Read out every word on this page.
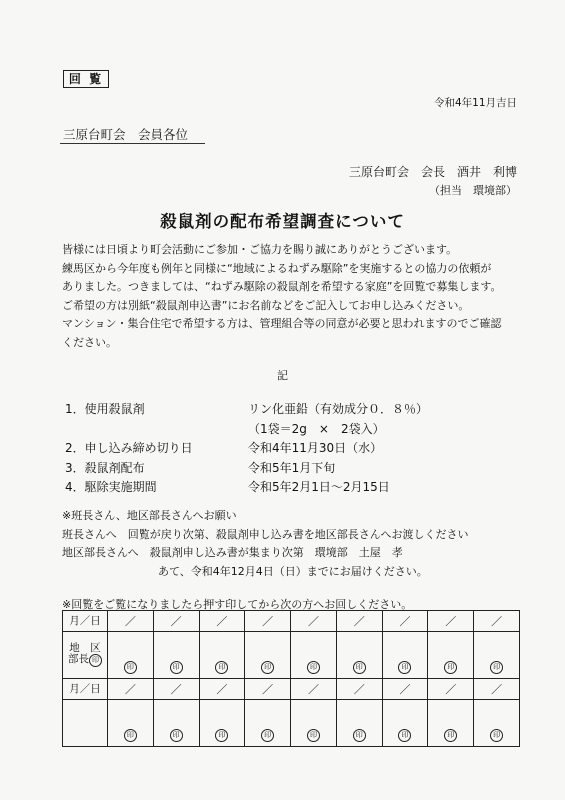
回 覧
令和4年11月吉日
三原台町会　会員各位
三原台町会　会長　酒井　利博
（担当　環境部）
殺鼠剤の配布希望調査について

皆様には日頃より町会活動にご参加・ご協力を賜り誠にありがとうございます。

練馬区から今年度も例年と同様に“地域によるねずみ駆除”を実施するとの協力の依頼が

ありました。つきましては、“ねずみ駆除の殺鼠剤を希望する家庭”を回覧で募集します。

ご希望の方は別紙“殺鼠剤申込書”にお名前などをご記入してお申し込みください。

マンション・集合住宅で希望する方は、管理組合等の同意が必要と思われますのでご確認

ください。

記
1．使用殺鼠剤	リン化亜鉛（有効成分０．８％）
（1袋＝2g　×　2袋入）
2．申し込み締め切り日	令和4年11月30日（水）
3．殺鼠剤配布	令和5年1月下旬
4．駆除実施期間	令和5年2月1日～2月15日

※班長さん、地区部長さんへお願い

班長さんへ　回覧が戻り次第、殺鼠剤申し込み書を地区部長さんへお渡しください

地区部長さんへ　殺鼠剤申し込み書が集まり次第　環境部　土屋　孝

あて、令和4年12月4日（日）までにお届けください。

※回覧をご覧になりましたら押す印してから次の方へお回しください。
月／日	／	／	／	／	／	／	／	／	／
地　区
部長 印	印	印	印	印	印	印	印	印	印
月／日	／	／	／	／	／	／	／	／	／
	印	印	印	印	印	印	印	印	印
